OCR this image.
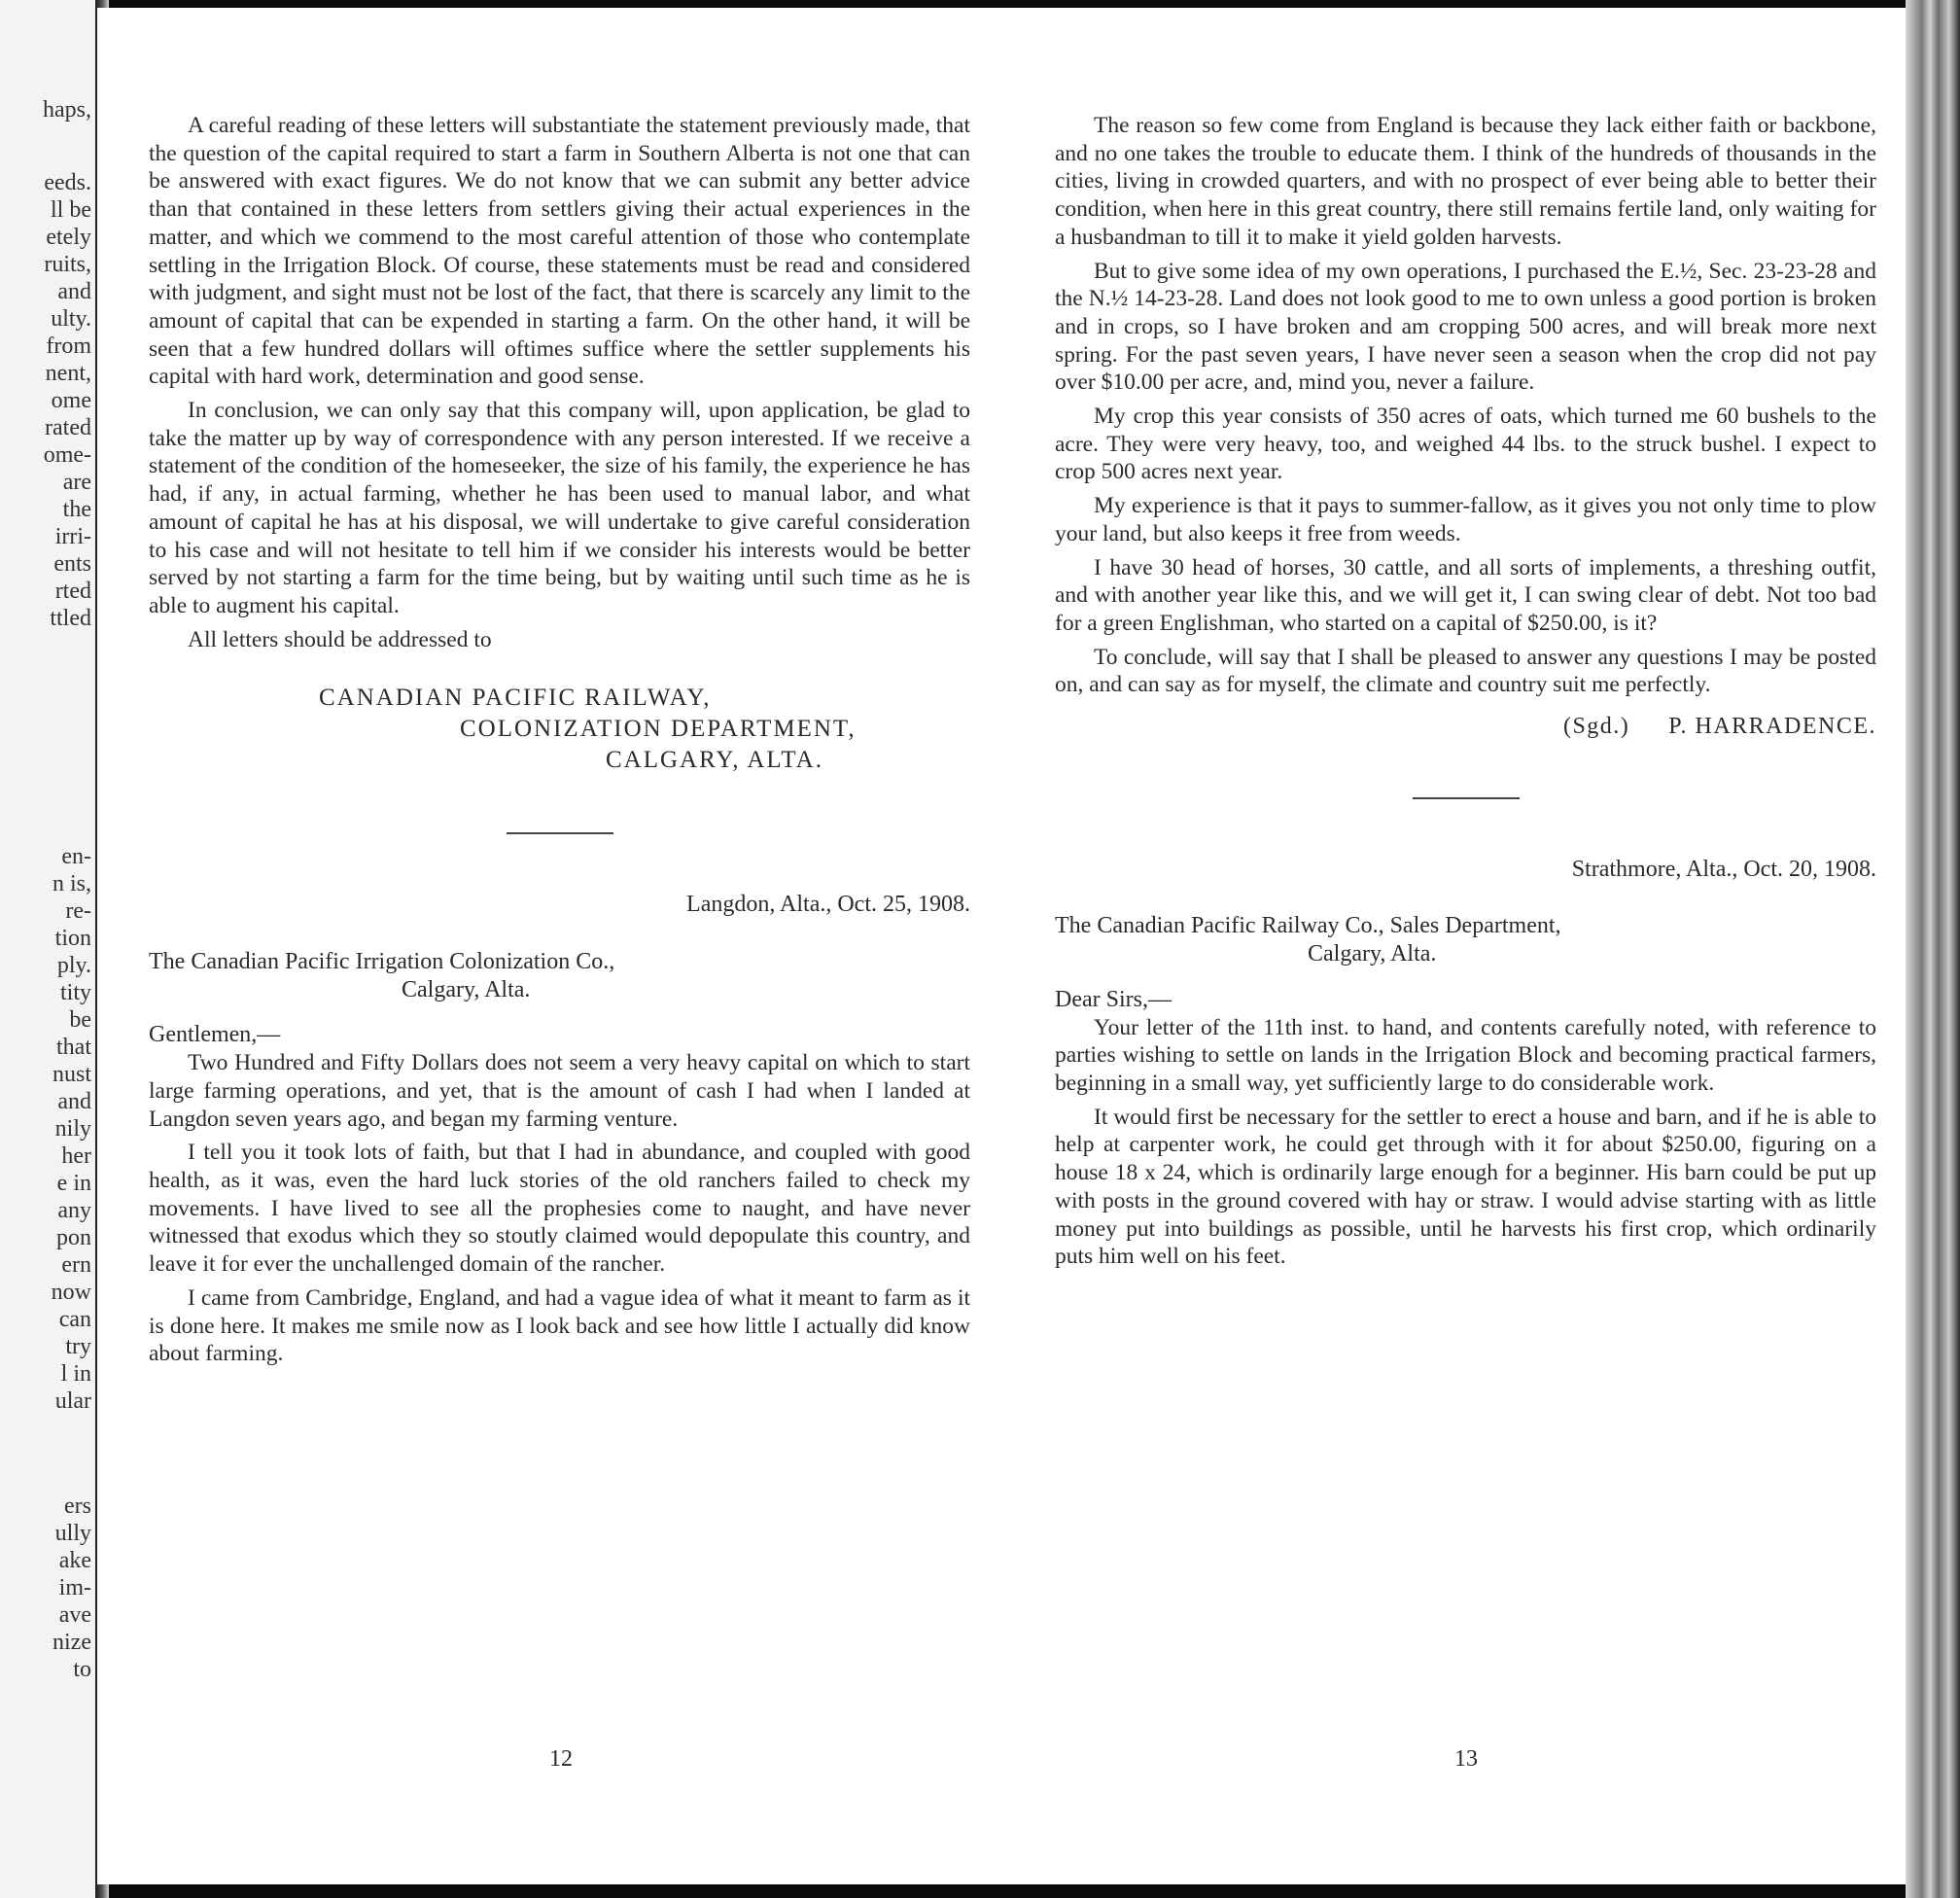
haps,
eeds.
ll be
etely
ruits,
and
ulty.
from
nent,
ome
rated
ome-
are
the
irri-
ents
rted
ttled
en-
n is,
re-
tion
ply.
tity
be
that
nust
and
nily
her
e in
any
pon
ern
now
can
try
l in
ular
ers
ully
ake
im-
ave
nize
to

A careful reading of these letters will substantiate the statement previously made, that the question of the capital required to start a farm in Southern Alberta is not one that can be answered with exact figures. We do not know that we can submit any better advice than that contained in these letters from settlers giving their actual experiences in the matter, and which we commend to the most careful attention of those who contemplate settling in the Irrigation Block. Of course, these statements must be read and considered with judgment, and sight must not be lost of the fact, that there is scarcely any limit to the amount of capital that can be expended in starting a farm. On the other hand, it will be seen that a few hundred dollars will oftimes suffice where the settler supplements his capital with hard work, determination and good sense.

In conclusion, we can only say that this company will, upon application, be glad to take the matter up by way of correspondence with any person interested. If we receive a statement of the condition of the homeseeker, the size of his family, the experience he has had, if any, in actual farming, whether he has been used to manual labor, and what amount of capital he has at his disposal, we will undertake to give careful consideration to his case and will not hesitate to tell him if we consider his interests would be better served by not starting a farm for the time being, but by waiting until such time as he is able to augment his capital.

All letters should be addressed to

CANADIAN PACIFIC RAILWAY,
COLONIZATION DEPARTMENT,
CALGARY, ALTA.
Langdon, Alta., Oct. 25, 1908.
The Canadian Pacific Irrigation Colonization Co.,
Calgary, Alta.
Gentlemen,—

Two Hundred and Fifty Dollars does not seem a very heavy capital on which to start large farming operations, and yet, that is the amount of cash I had when I landed at Langdon seven years ago, and began my farming venture.

I tell you it took lots of faith, but that I had in abundance, and coupled with good health, as it was, even the hard luck stories of the old ranchers failed to check my movements. I have lived to see all the prophesies come to naught, and have never witnessed that exodus which they so stoutly claimed would depopulate this country, and leave it for ever the unchallenged domain of the rancher.

I came from Cambridge, England, and had a vague idea of what it meant to farm as it is done here. It makes me smile now as I look back and see how little I actually did know about farming.

12

The reason so few come from England is because they lack either faith or backbone, and no one takes the trouble to educate them. I think of the hundreds of thousands in the cities, living in crowded quarters, and with no prospect of ever being able to better their condition, when here in this great country, there still remains fertile land, only waiting for a husbandman to till it to make it yield golden harvests.

But to give some idea of my own operations, I purchased the E.½, Sec. 23-23-28 and the N.½ 14-23-28. Land does not look good to me to own unless a good portion is broken and in crops, so I have broken and am cropping 500 acres, and will break more next spring. For the past seven years, I have never seen a season when the crop did not pay over $10.00 per acre, and, mind you, never a failure.

My crop this year consists of 350 acres of oats, which turned me 60 bushels to the acre. They were very heavy, too, and weighed 44 lbs. to the struck bushel. I expect to crop 500 acres next year.

My experience is that it pays to summer-fallow, as it gives you not only time to plow your land, but also keeps it free from weeds.

I have 30 head of horses, 30 cattle, and all sorts of implements, a threshing outfit, and with another year like this, and we will get it, I can swing clear of debt. Not too bad for a green Englishman, who started on a capital of $250.00, is it?

To conclude, will say that I shall be pleased to answer any questions I may be posted on, and can say as for myself, the climate and country suit me perfectly.

(Sgd.) P. HARRADENCE.
Strathmore, Alta., Oct. 20, 1908.
The Canadian Pacific Railway Co., Sales Department,
Calgary, Alta.
Dear Sirs,—

Your letter of the 11th inst. to hand, and contents carefully noted, with reference to parties wishing to settle on lands in the Irrigation Block and becoming practical farmers, beginning in a small way, yet sufficiently large to do considerable work.

It would first be necessary for the settler to erect a house and barn, and if he is able to help at carpenter work, he could get through with it for about $250.00, figuring on a house 18 x 24, which is ordinarily large enough for a beginner. His barn could be put up with posts in the ground covered with hay or straw. I would advise starting with as little money put into buildings as possible, until he harvests his first crop, which ordinarily puts him well on his feet.

13
